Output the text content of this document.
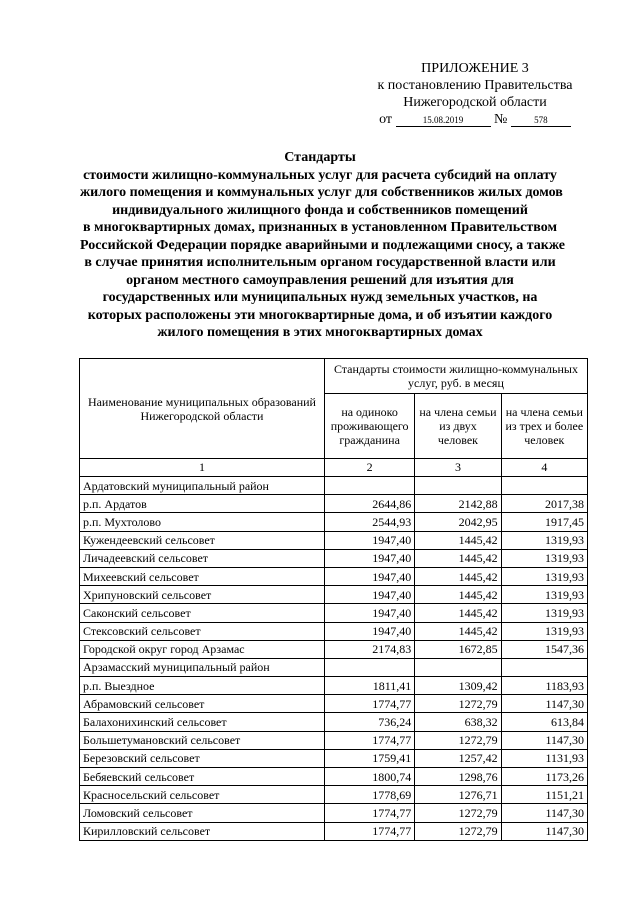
ПРИЛОЖЕНИЕ 3
к постановлению Правительства
Нижегородской области
от	15.08.2019 №	578
Стандарты
стоимости жилищно-коммунальных услуг для расчета субсидий на оплату
жилого помещения и коммунальных услуг для собственников жилых домов
индивидуального жилищного фонда и собственников помещений
в многоквартирных домах, признанных в установленном Правительством
Российской Федерации порядке аварийными и подлежащими сносу, а также
в случае принятия исполнительным органом государственной власти или
органом местного самоуправления решений для изъятия для
государственных или муниципальных нужд земельных участков, на
которых расположены эти многоквартирные дома, и об изъятии каждого
жилого помещения в этих многоквартирных домах
Наименование муниципальных образований Нижегородской области	Стандарты стоимости жилищно-коммунальных услуг, руб. в месяц		
	на одиноко проживающего гражданина	на члена семьи из двух человек	на члена семьи из трех и более человек
1	2	3	4
Ардатовский муниципальный район			
р.п. Ардатов	2644,86	2142,88	2017,38
р.п. Мухтолово	2544,93	2042,95	1917,45
Кужендеевский сельсовет	1947,40	1445,42	1319,93
Личадеевский сельсовет	1947,40	1445,42	1319,93
Михеевский сельсовет	1947,40	1445,42	1319,93
Хрипуновский сельсовет	1947,40	1445,42	1319,93
Саконский сельсовет	1947,40	1445,42	1319,93
Стексовский сельсовет	1947,40	1445,42	1319,93
Городской округ город Арзамас	2174,83	1672,85	1547,36
Арзамасский муниципальный район			
р.п. Выездное	1811,41	1309,42	1183,93
Абрамовский сельсовет	1774,77	1272,79	1147,30
Балахонихинский сельсовет	736,24	638,32	613,84
Большетумановский сельсовет	1774,77	1272,79	1147,30
Березовский сельсовет	1759,41	1257,42	1131,93
Бебяевский сельсовет	1800,74	1298,76	1173,26
Красносельский сельсовет	1778,69	1276,71	1151,21
Ломовский сельсовет	1774,77	1272,79	1147,30
Кирилловский сельсовет	1774,77	1272,79	1147,30
